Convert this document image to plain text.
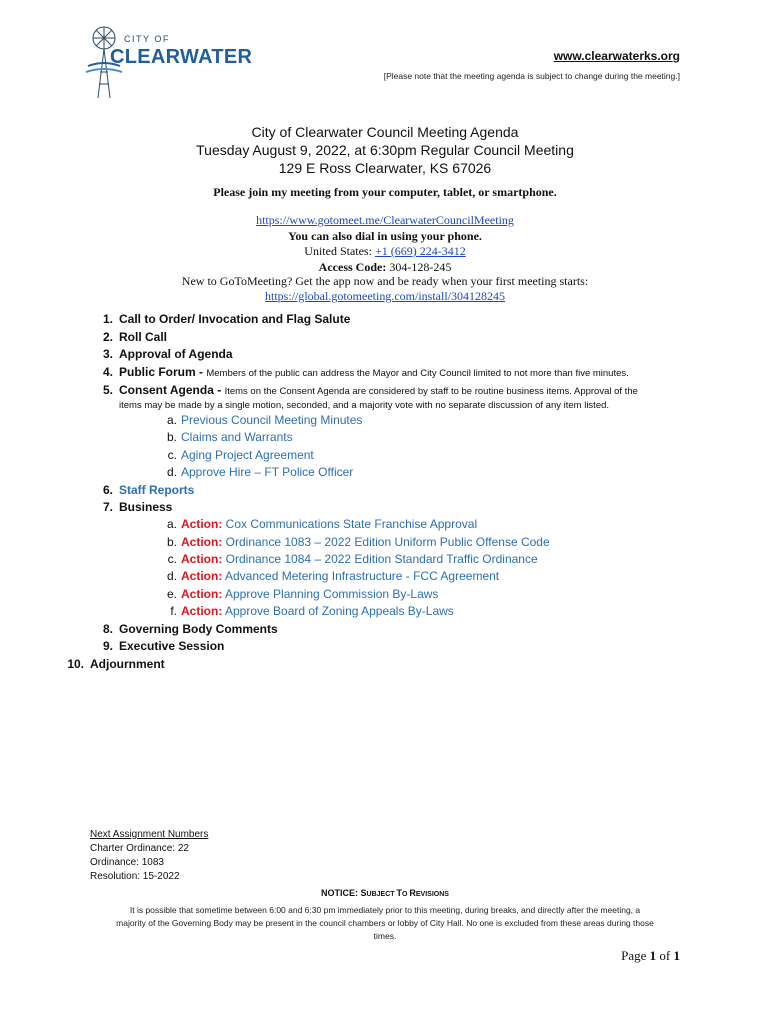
CITY OF
CLEARWATER	www.clearwaterks.org
[Please note that the meeting agenda is subject to change during the meeting.]
City of Clearwater Council Meeting Agenda
Tuesday August 9, 2022, at 6:30pm Regular Council Meeting
129 E Ross Clearwater, KS 67026
Please join my meeting from your computer, tablet, or smartphone.
https://www.gotomeet.me/ClearwaterCouncilMeeting
You can also dial in using your phone.
United States: +1 (669) 224-3412
Access Code: 304-128-245
New to GoToMeeting? Get the app now and be ready when your first meeting starts:
https://global.gotomeeting.com/install/304128245
1. Call to Order/ Invocation and Flag Salute
2. Roll Call
3. Approval of Agenda
4. Public Forum - Members of the public can address the Mayor and City Council limited to not more than five minutes.
5. Consent Agenda - Items on the Consent Agenda are considered by staff to be routine business items. Approval of the
items may be made by a single motion, seconded, and a majority vote with no separate discussion of any item listed.
a. Previous Council Meeting Minutes
b. Claims and Warrants
c. Aging Project Agreement
d. Approve Hire – FT Police Officer
6. Staff Reports
7. Business
a. Action: Cox Communications State Franchise Approval
b. Action: Ordinance 1083 – 2022 Edition Uniform Public Offense Code
c. Action: Ordinance 1084 – 2022 Edition Standard Traffic Ordinance
d. Action: Advanced Metering Infrastructure - FCC Agreement
e. Action: Approve Planning Commission By-Laws
f. Action: Approve Board of Zoning Appeals By-Laws
8. Governing Body Comments
9. Executive Session
10. Adjournment
Next Assignment Numbers
Charter Ordinance: 22
Ordinance: 1083
Resolution: 15-2022
NOTICE: SUBJECT TO REVISIONS
It is possible that sometime between 6:00 and 6:30 pm immediately prior to this meeting, during breaks, and directly after the meeting, a
majority of the Governing Body may be present in the council chambers or lobby of City Hall. No one is excluded from these areas during those
times.
Page 1 of 1
